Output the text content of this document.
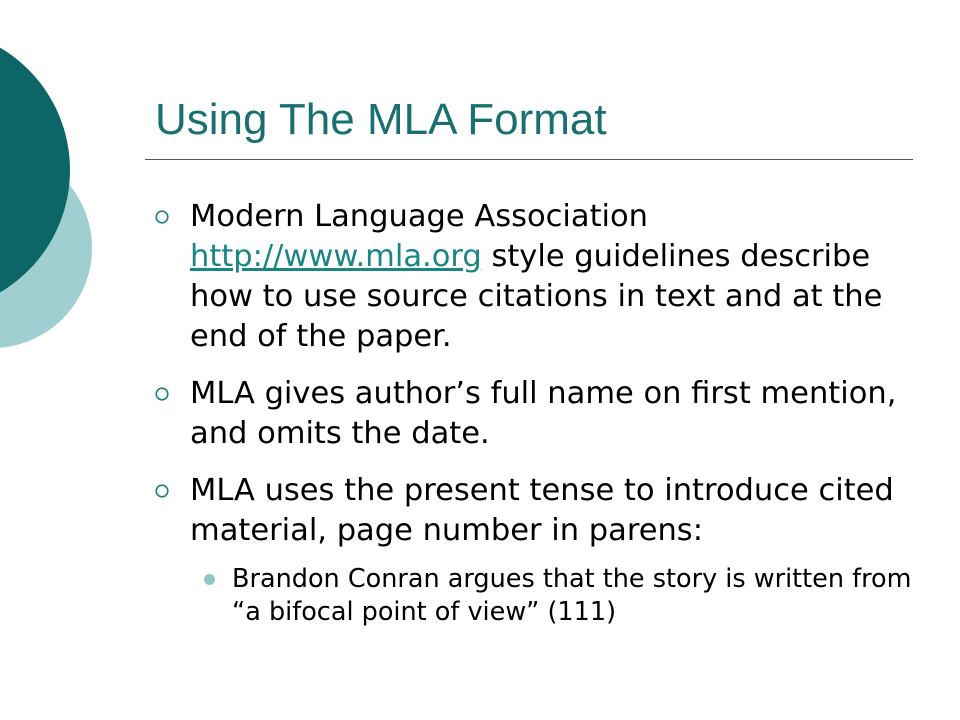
Using The MLA Format
Modern Language Association http://www.mla.org style guidelines describe how to use source citations in text and at the end of the paper.
MLA gives author’s full name on first mention, and omits the date.
MLA uses the present tense to introduce cited material, page number in parens:
Brandon Conran argues that the story is written from “a bifocal point of view” (111)
